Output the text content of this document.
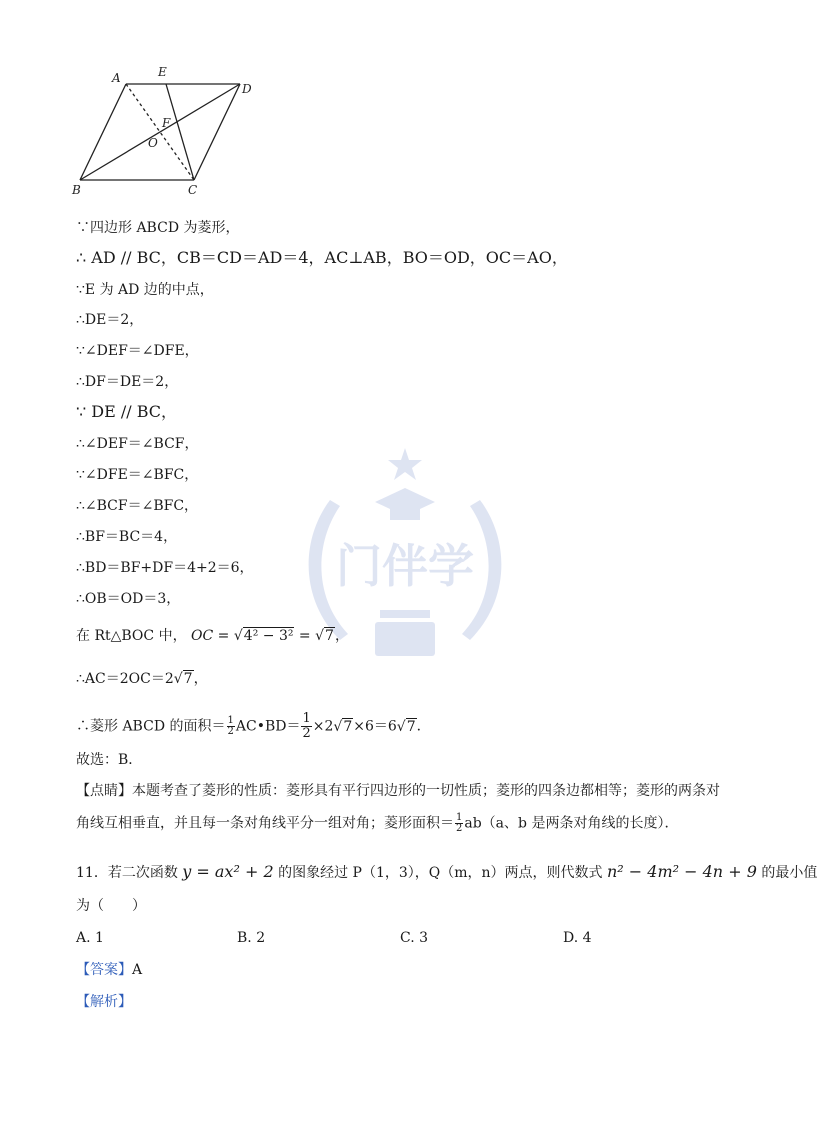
A	E
D
F
O
B	C
门伴学
∵四边形 ABCD 为菱形，
∴ AD // BC，CB＝CD＝AD＝4，AC⊥AB，BO＝OD，OC＝AO，
∵E 为 AD 边的中点，
∴DE＝2，
∵∠DEF＝∠DFE，
∴DF＝DE＝2，
∵ DE // BC，
∴∠DEF＝∠BCF，
∵∠DFE＝∠BFC，
∴∠BCF＝∠BFC，
∴BF＝BC＝4，
∴BD＝BF+DF＝4+2＝6，
∴OB＝OD＝3，
在 Rt△BOC 中， OC = √4² − 3² = √7，
∴AC＝2OC＝2√7，
∴菱形 ABCD 的面积＝ $\frac{1}{2}$ AC•BD＝ $\frac{1}{2} \times 2√7\times 6=6√7$．
故选：B．
【点睛】本题考查了菱形的性质：菱形具有平行四边形的一切性质；菱形的四条边都相等；菱形的两条对
角线互相垂直，并且每一条对角线平分一组对角；菱形面积＝ $\frac{1}{2} ab(a$、b 是两条对角线的长度）．
11．若二次函数 y = ax² + 2 的图象经过 P（1，3），Q（m，n）两点，则代数式 n² − 4m² − 4n + 9 的最小值
为（　　）
A. 1	B. 2	C. 3	D. 4
【答案】A
【解析】
